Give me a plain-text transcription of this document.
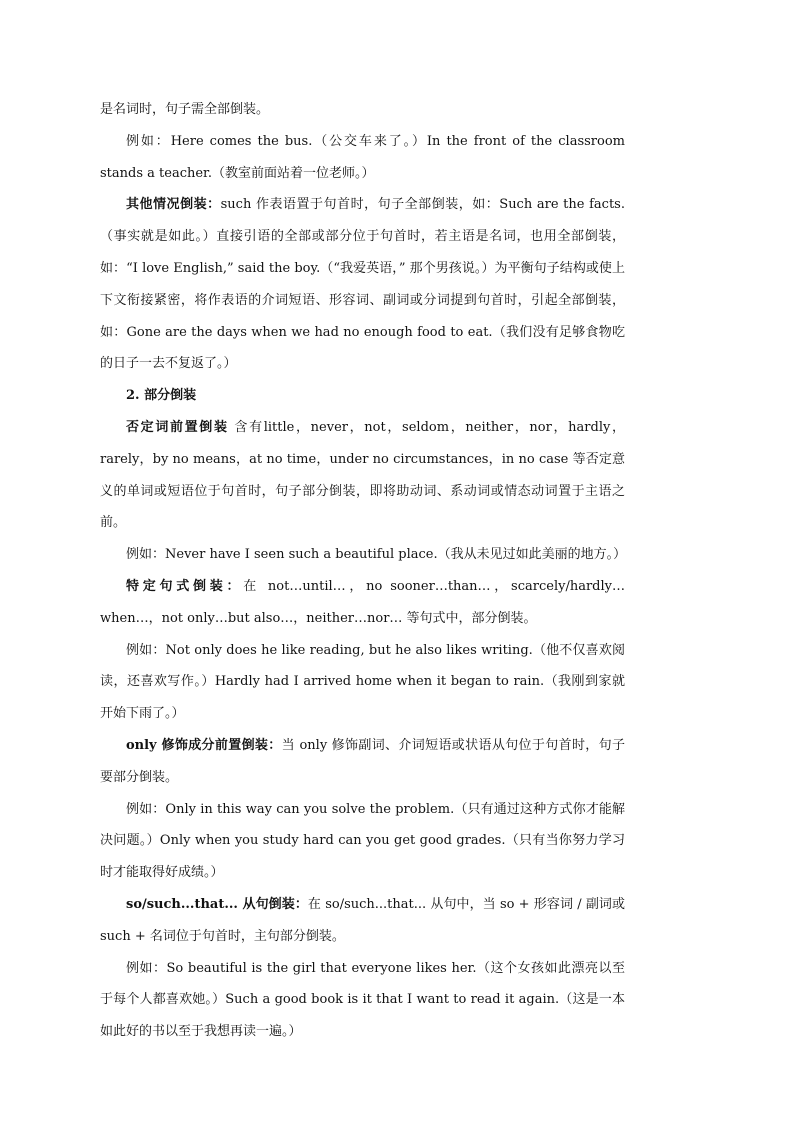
是名词时，句子需全部倒装。

例如：Here comes the bus.（公交车来了。）In the front of the classroom stands a teacher.（教室前面站着一位老师。）

其他情况倒装：such 作表语置于句首时，句子全部倒装，如：Such are the facts.（事实就是如此。）直接引语的全部或部分位于句首时，若主语是名词，也用全部倒装，如：“I love English,” said the boy.（“我爱英语，” 那个男孩说。）为平衡句子结构或使上下文衔接紧密，将作表语的介词短语、形容词、副词或分词提到句首时，引起全部倒装，如：Gone are the days when we had no enough food to eat.（我们没有足够食物吃的日子一去不复返了。）

2. 部分倒装

否定词前置倒装 含有little，never，not，seldom，neither，nor，hardly，rarely，by no means，at no time，under no circumstances，in no case 等否定意义的单词或短语位于句首时，句子部分倒装，即将助动词、系动词或情态动词置于主语之前。

例如：Never have I seen such a beautiful place.（我从未见过如此美丽的地方。）

特定句式倒装：在 not…until…，no sooner…than…，scarcely/hardly…when…，not only…but also…，neither…nor… 等句式中，部分倒装。

例如：Not only does he like reading, but he also likes writing.（他不仅喜欢阅读，还喜欢写作。）Hardly had I arrived home when it began to rain.（我刚到家就开始下雨了。）

only 修饰成分前置倒装：当 only 修饰副词、介词短语或状语从句位于句首时，句子要部分倒装。

例如：Only in this way can you solve the problem.（只有通过这种方式你才能解决问题。）Only when you study hard can you get good grades.（只有当你努力学习时才能取得好成绩。）

so/such...that... 从句倒装：在 so/such...that... 从句中，当 so + 形容词 / 副词或 such + 名词位于句首时，主句部分倒装。

例如：So beautiful is the girl that everyone likes her.（这个女孩如此漂亮以至于每个人都喜欢她。）Such a good book is it that I want to read it again.（这是一本如此好的书以至于我想再读一遍。）
